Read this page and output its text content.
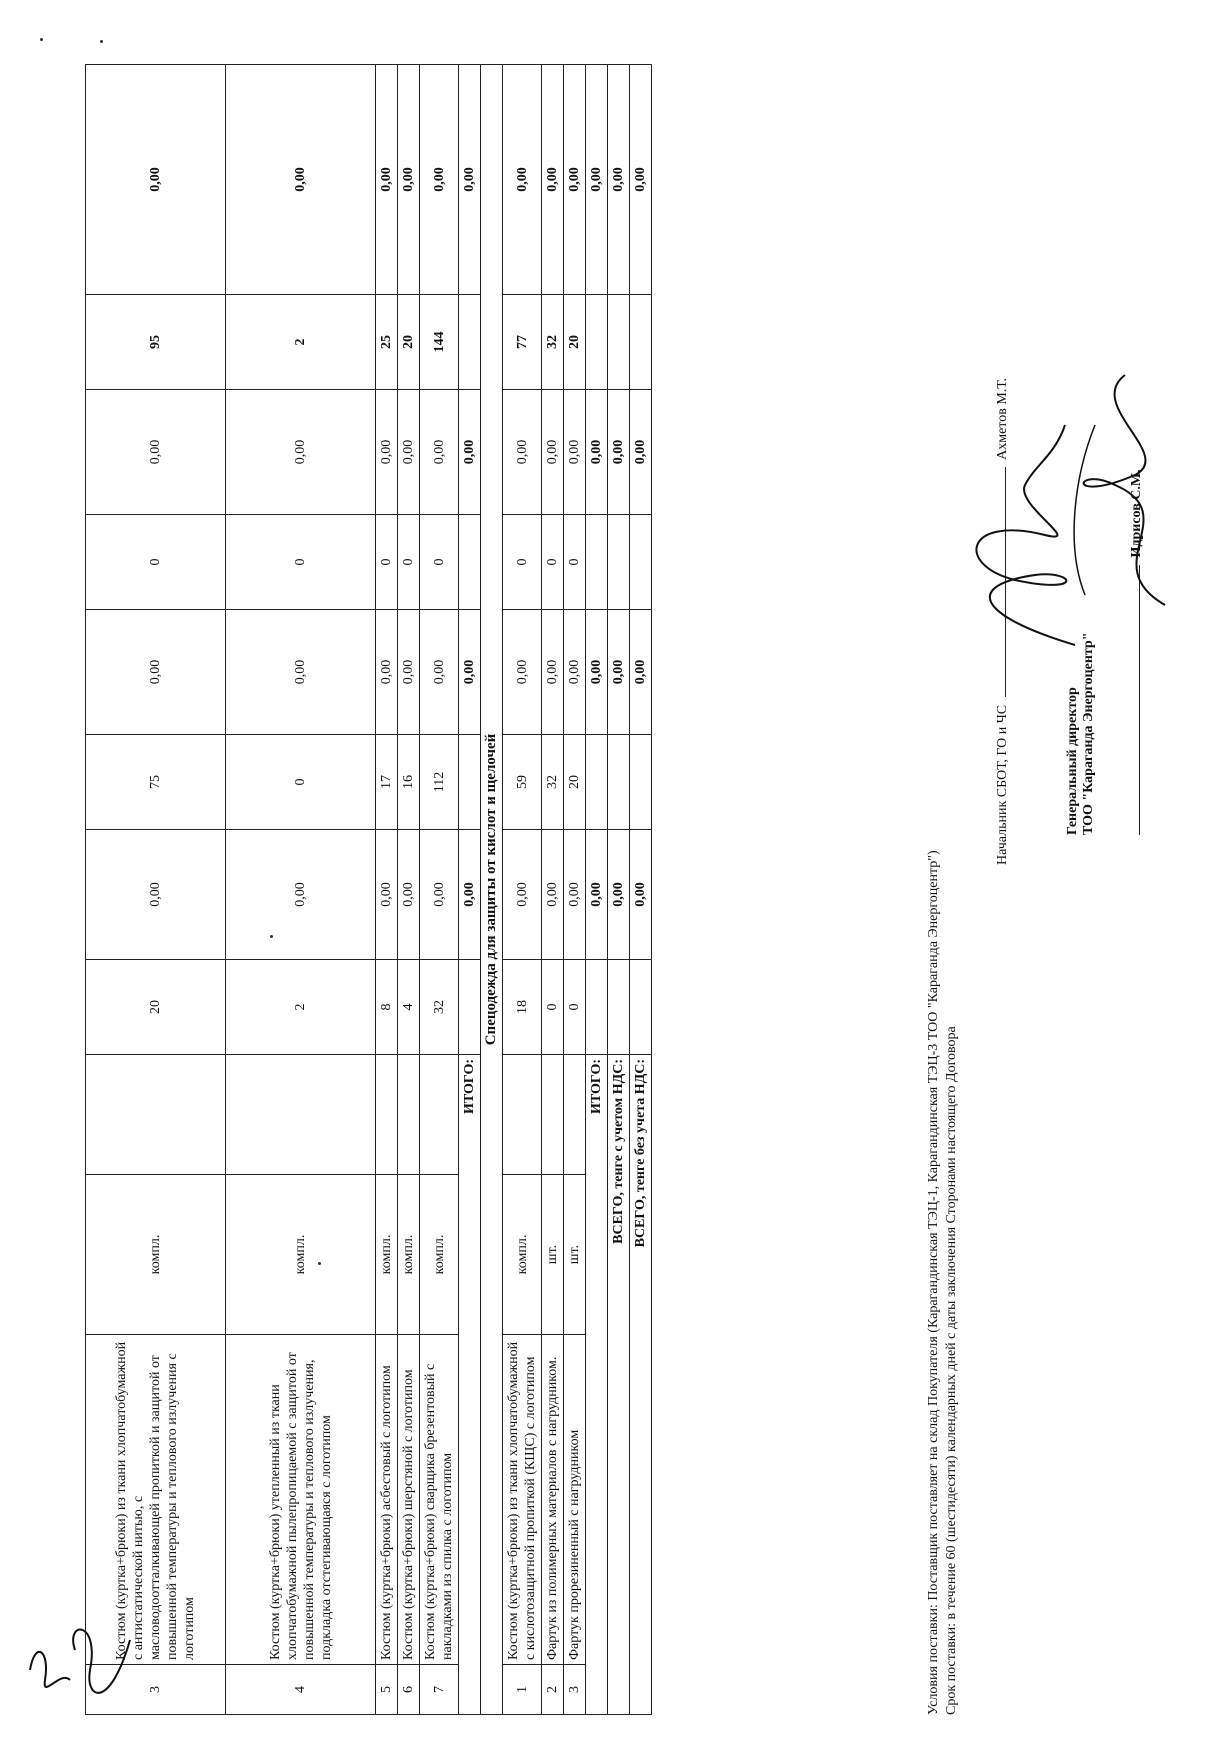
3	Костюм (куртка+брюки) из ткани хлопчатобумажной с антистатической нитью, с масловодоотталкивающей пропиткой и защитой от повышенной температуры и теплового излучения с логотипом	компл.		20	0,00	75	0,00	0	0,00	95	0,00
4	Костюм (куртка+брюки) утепленный из ткани хлопчатобумажной пылепропицаемой с защитой от повышенной температуры и теплового излучения, подкладка отстегивающаяся с логотипом	компл.		2	0,00	0	0,00	0	0,00	2	0,00
5	Костюм (куртка+брюки) асбестовый с логотипом	компл.		8	0,00	17	0,00	0	0,00	25	0,00
6	Костюм (куртка+брюки) шерстяной с логотипом	компл.		4	0,00	16	0,00	0	0,00	20	0,00
7	Костюм (куртка+брюки) сварщика брезентовый с накладками из спилка с логотипом	компл.		32	0,00	112	0,00	0	0,00	144	0,00
ИТОГО:					0,00		0,00		0,00		0,00
Спецодежда для защиты от кислот и щелочей											
1	Костюм (куртка+брюки) из ткани хлопчатобумажной с кислотозащитной пропиткой (КЩС) с логотипом	компл.		18	0,00	59	0,00	0	0,00	77	0,00
2	Фартук из полимерных материалов с нагрудником.	шт.		0	0,00	32	0,00	0	0,00	32	0,00
3	Фартук прорезиненный с нагрудником	шт.		0	0,00	20	0,00	0	0,00	20	0,00
ИТОГО:					0,00		0,00		0,00		0,00
ВСЕГО, тенге с учетом НДС:					0,00		0,00		0,00		0,00
ВСЕГО, тенге без учета НДС:					0,00		0,00		0,00		0,00
Условия поставки: Поставщик поставляет на склад Покупателя (Карагандинская ТЭЦ-1, Карагандинская ТЭЦ-3 ТОО "Караганда Энергоцентр") Срок поставки: в течение 60 (шестидесяти) календарных дней с даты заключения Сторонами настоящего Договора
Начальник СБОТ, ГО и ЧС  Ахметов М.Т.
Генеральный директор ТОО "Караганда Энергоцентр"
Идрисов С.М.
